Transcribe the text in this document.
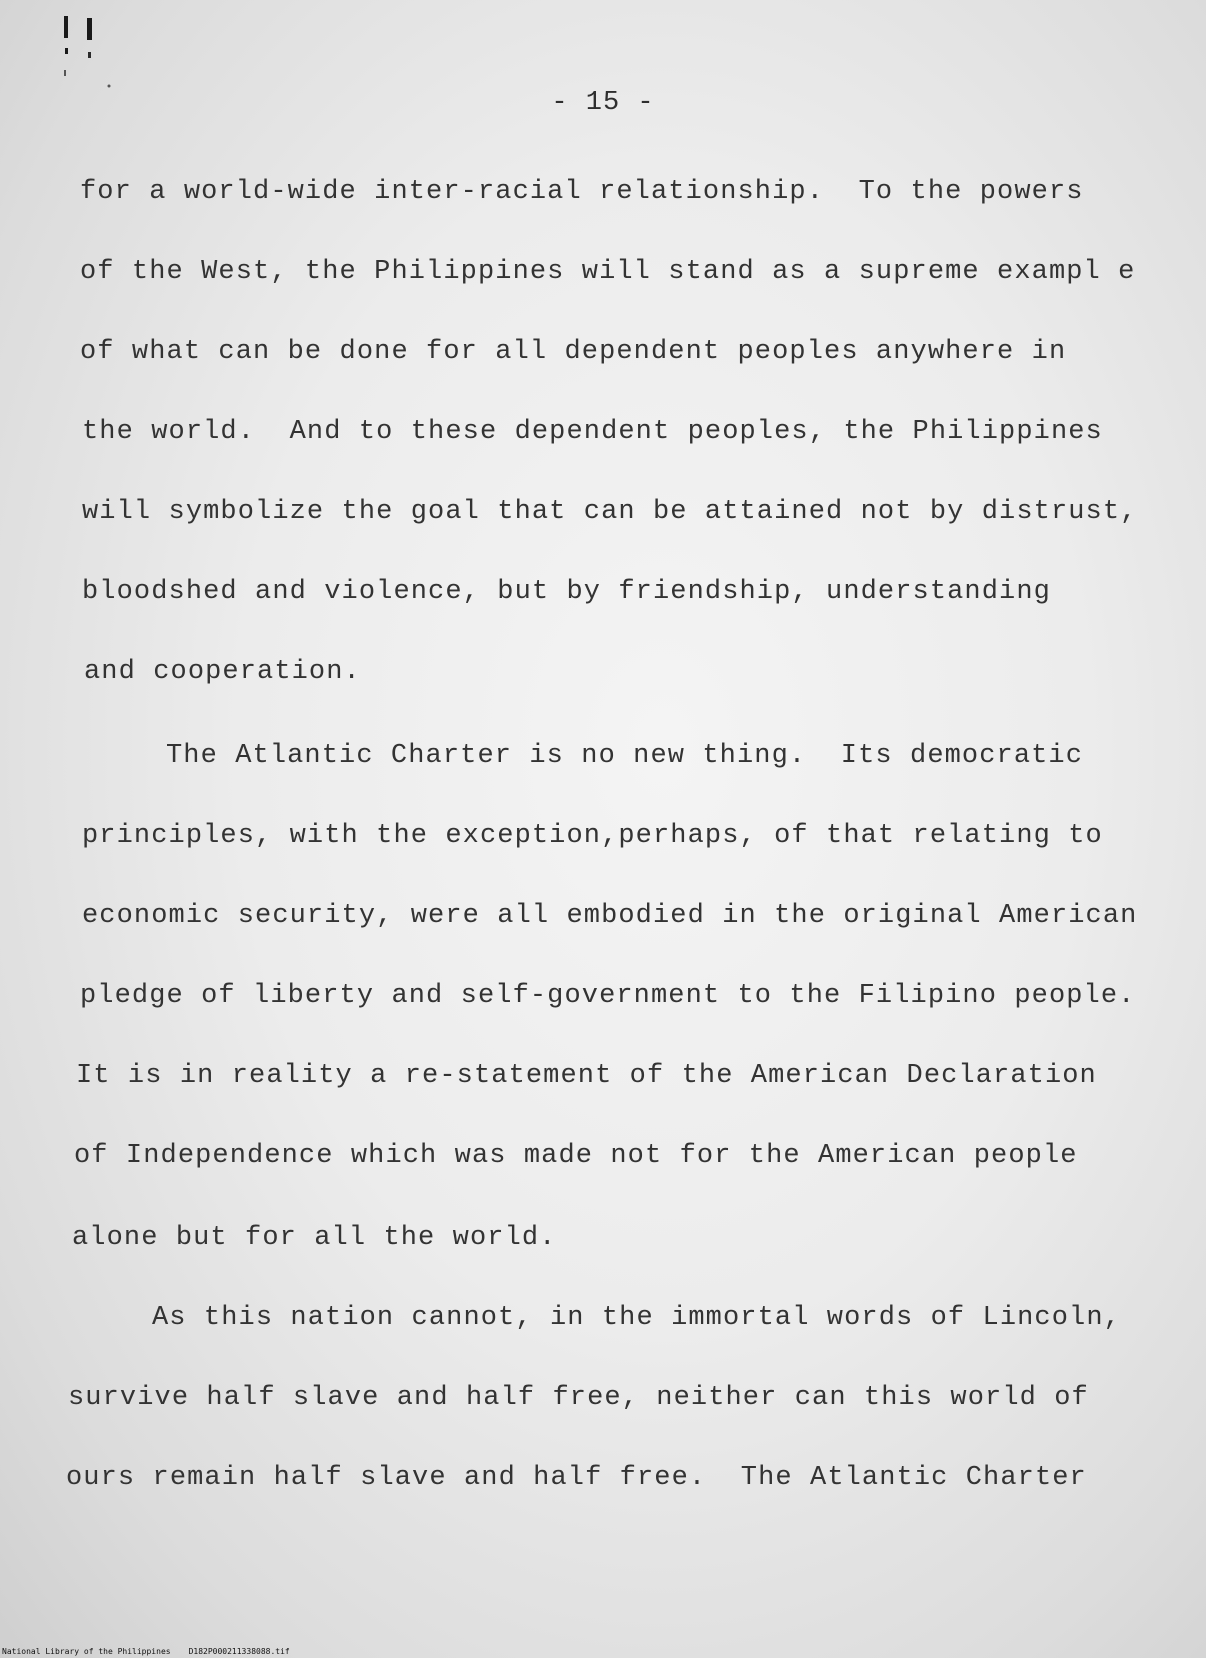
- 15 -
for a world-wide inter-racial relationship.  To the powers
of the West, the Philippines will stand as a supreme exampl e
of what can be done for all dependent peoples anywhere in
the world.  And to these dependent peoples, the Philippines
will symbolize the goal that can be attained not by distrust,
bloodshed and violence, but by friendship, understanding
and cooperation.
The Atlantic Charter is no new thing.  Its democratic
principles, with the exception,perhaps, of that relating to
economic security, were all embodied in the original American
pledge of liberty and self-government to the Filipino people.
It is in reality a re-statement of the American Declaration
of Independence which was made not for the American people
alone but for all the world.
As this nation cannot, in the immortal words of Lincoln,
survive half slave and half free, neither can this world of
ours remain half slave and half free.  The Atlantic Charter
National Library of the Philippines D182P000211338088.tif
